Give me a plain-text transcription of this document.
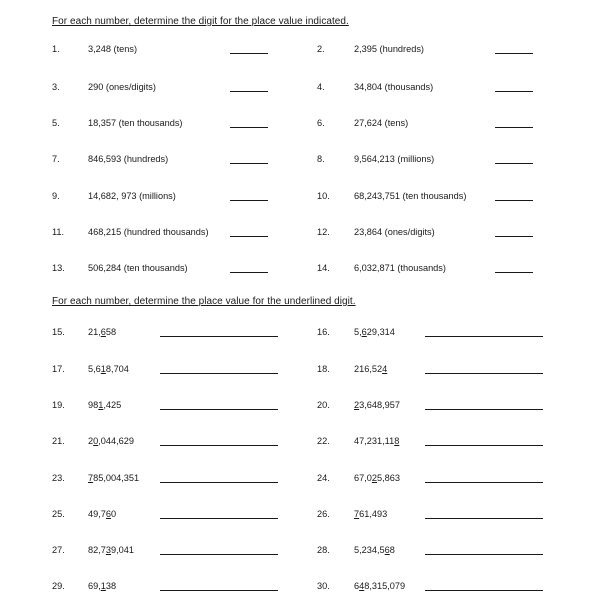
For each number, determine the digit for the place value indicated.
1.	3,248 (tens)	2.	2,395 (hundreds)
3.	290 (ones/digits)	4.	34,804 (thousands)
5.	18,357 (ten thousands)	6.	27,624 (tens)
7.	846,593 (hundreds)	8.	9,564,213 (millions)
9.	14,682, 973 (millions)	10.	68,243,751 (ten thousands)
11.	468,215 (hundred thousands)	12.	23,864 (ones/digits)
13.	506,284 (ten thousands)	14.	6,032,871 (thousands)
For each number, determine the place value for the underlined digit.
15.	21,658	16.	5,629,314
17.	5,618,704	18.	216,524
19.	981,425	20.	23,648,957
21.	20,044,629	22.	47,231,118
23.	785,004,351	24.	67,025,863
25.	49,760	26.	761,493
27.	82,739,041	28.	5,234,568
29.	69,138	30.	648,315,079
